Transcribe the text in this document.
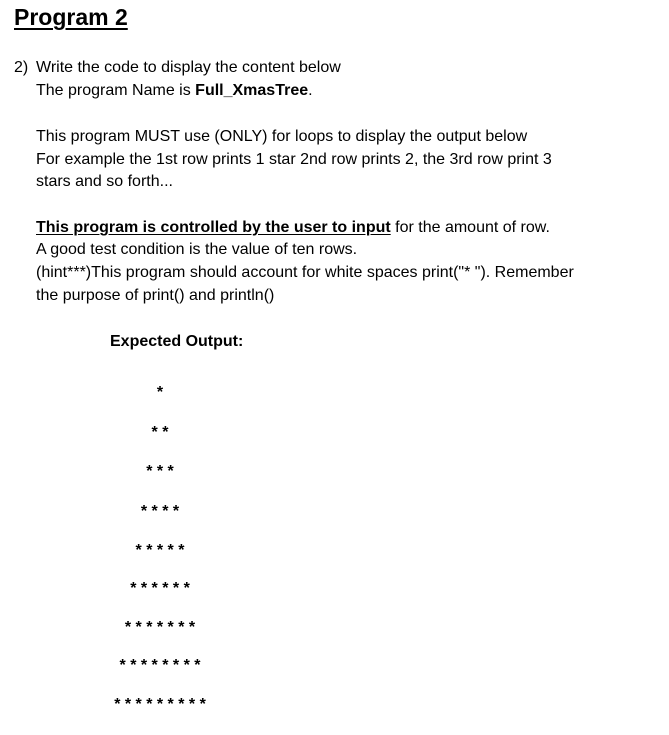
Program 2
2) Write the code to display the content below
The program Name is Full_XmasTree.
This program MUST use (ONLY) for loops to display the output below
For example the 1st row prints 1 star 2nd row prints 2, the 3rd row print 3
stars and so forth...
This program is controlled by the user to input for the amount of row.
A good test condition is the value of ten rows.
(hint***)This program should account for white spaces print("* "). Remember
the purpose of print() and println()
Expected Output:
*
* *
* * *
* * * *
* * * * *
* * * * * *
* * * * * * *
* * * * * * * *
* * * * * * * * *
